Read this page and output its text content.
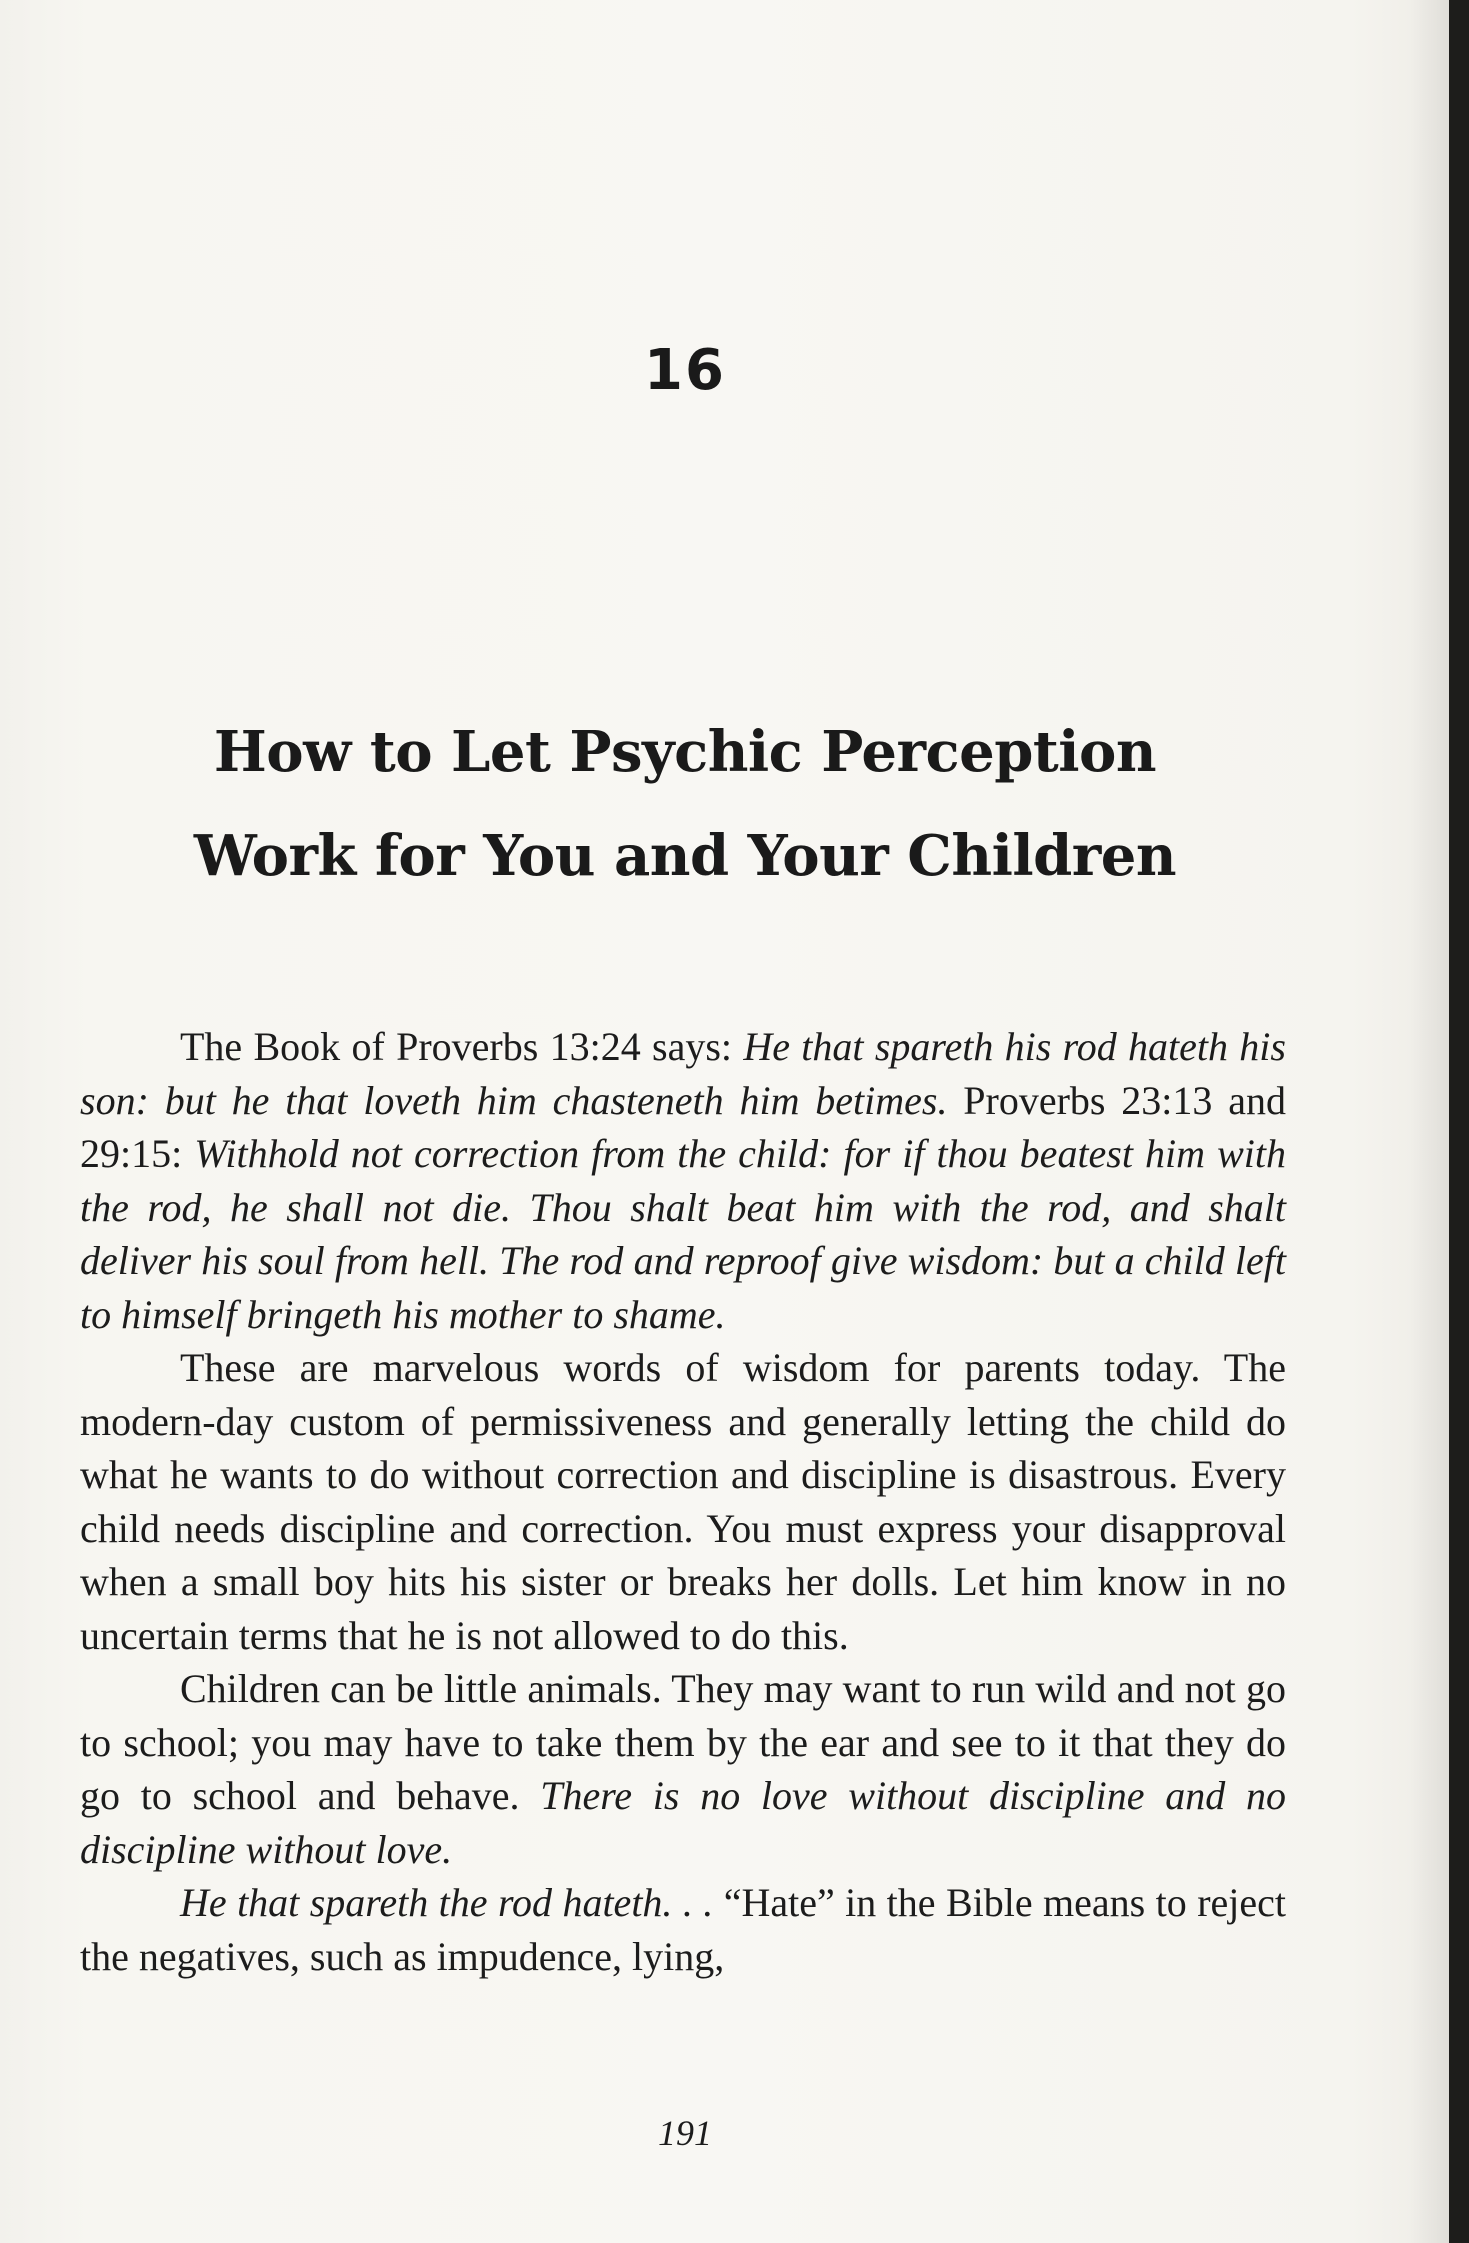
16
How to Let Psychic Perception
Work for You and Your Children

The Book of Proverbs 13:24 says: He that spareth his rod hateth his son: but he that loveth him chasteneth him betimes. Proverbs 23:13 and 29:15: Withhold not correction from the child: for if thou beatest him with the rod, he shall not die. Thou shalt beat him with the rod, and shalt deliver his soul from hell. The rod and reproof give wisdom: but a child left to himself bringeth his mother to shame.

These are marvelous words of wisdom for parents today. The modern-day custom of permissiveness and generally letting the child do what he wants to do without correction and discipline is disastrous. Every child needs discipline and correction. You must express your disapproval when a small boy hits his sister or breaks her dolls. Let him know in no uncertain terms that he is not allowed to do this.

Children can be little animals. They may want to run wild and not go to school; you may have to take them by the ear and see to it that they do go to school and behave. There is no love without discipline and no discipline without love.

He that spareth the rod hateth. . . “Hate” in the Bible means to reject the negatives, such as impudence, lying,

191
